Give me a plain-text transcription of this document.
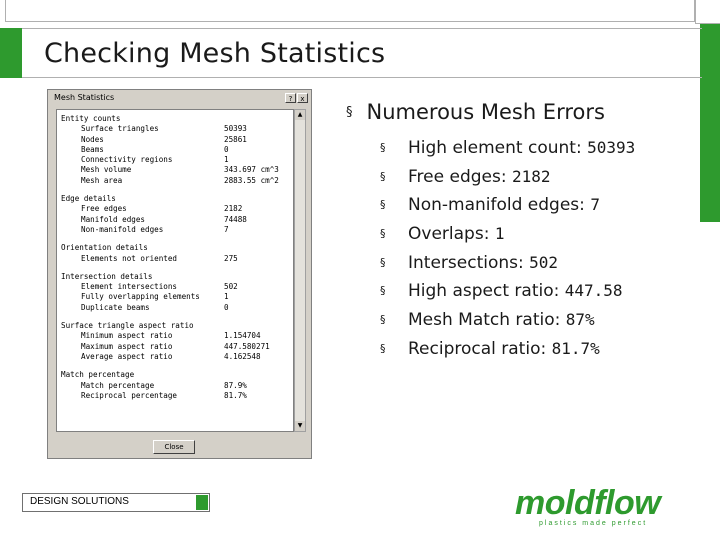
Checking Mesh Statistics
Mesh Statistics	?	x
Entity counts
Surface triangles	50393
Nodes	25861
Beams	0
Connectivity regions	1
Mesh volume	343.697 cm^3
Mesh area	2883.55 cm^2
Edge details
Free edges	2182
Manifold edges	74488
Non-manifold edges	7
Orientation details
Elements not oriented	275
Intersection details
Element intersections	502
Fully overlapping elements	1
Duplicate beams	0
Surface triangle aspect ratio
Minimum aspect ratio	1.154704
Maximum aspect ratio	447.580271
Average aspect ratio	4.162548
Match percentage
Match percentage	87.9%
Reciprocal percentage	81.7%
▲
▼
Close
§ Numerous Mesh Errors
§ High element count: 50393
§ Free edges: 2182
§ Non-manifold edges: 7
§ Overlaps: 1
§ Intersections: 502
§ High aspect ratio: 447.58
§ Mesh Match ratio: 87%
§ Reciprocal ratio: 81.7%
DESIGN SOLUTIONS	moldflow
plastics made perfect
